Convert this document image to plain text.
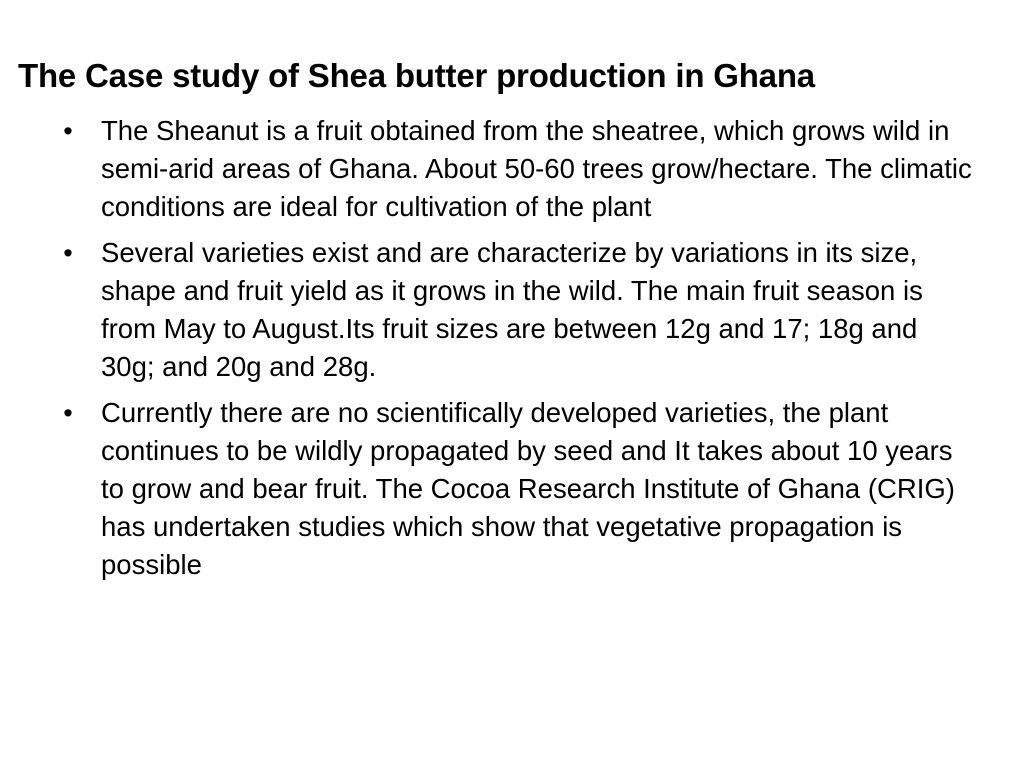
The Case study of Shea butter production in Ghana
• The Sheanut is a fruit obtained from the sheatree, which grows wild in semi-arid areas of Ghana. About 50-60 trees grow/hectare. The climatic conditions are ideal for cultivation of the plant
• Several varieties exist and are characterize by variations in its size, shape and fruit yield as it grows in the wild. The main fruit season is from May to August.Its fruit sizes are between 12g and 17; 18g and 30g; and 20g and 28g.
• Currently there are no scientifically developed varieties, the plant continues to be wildly propagated by seed and It takes about 10 years to grow and bear fruit. The Cocoa Research Institute of Ghana (CRIG) has undertaken studies which show that vegetative propagation is possible
